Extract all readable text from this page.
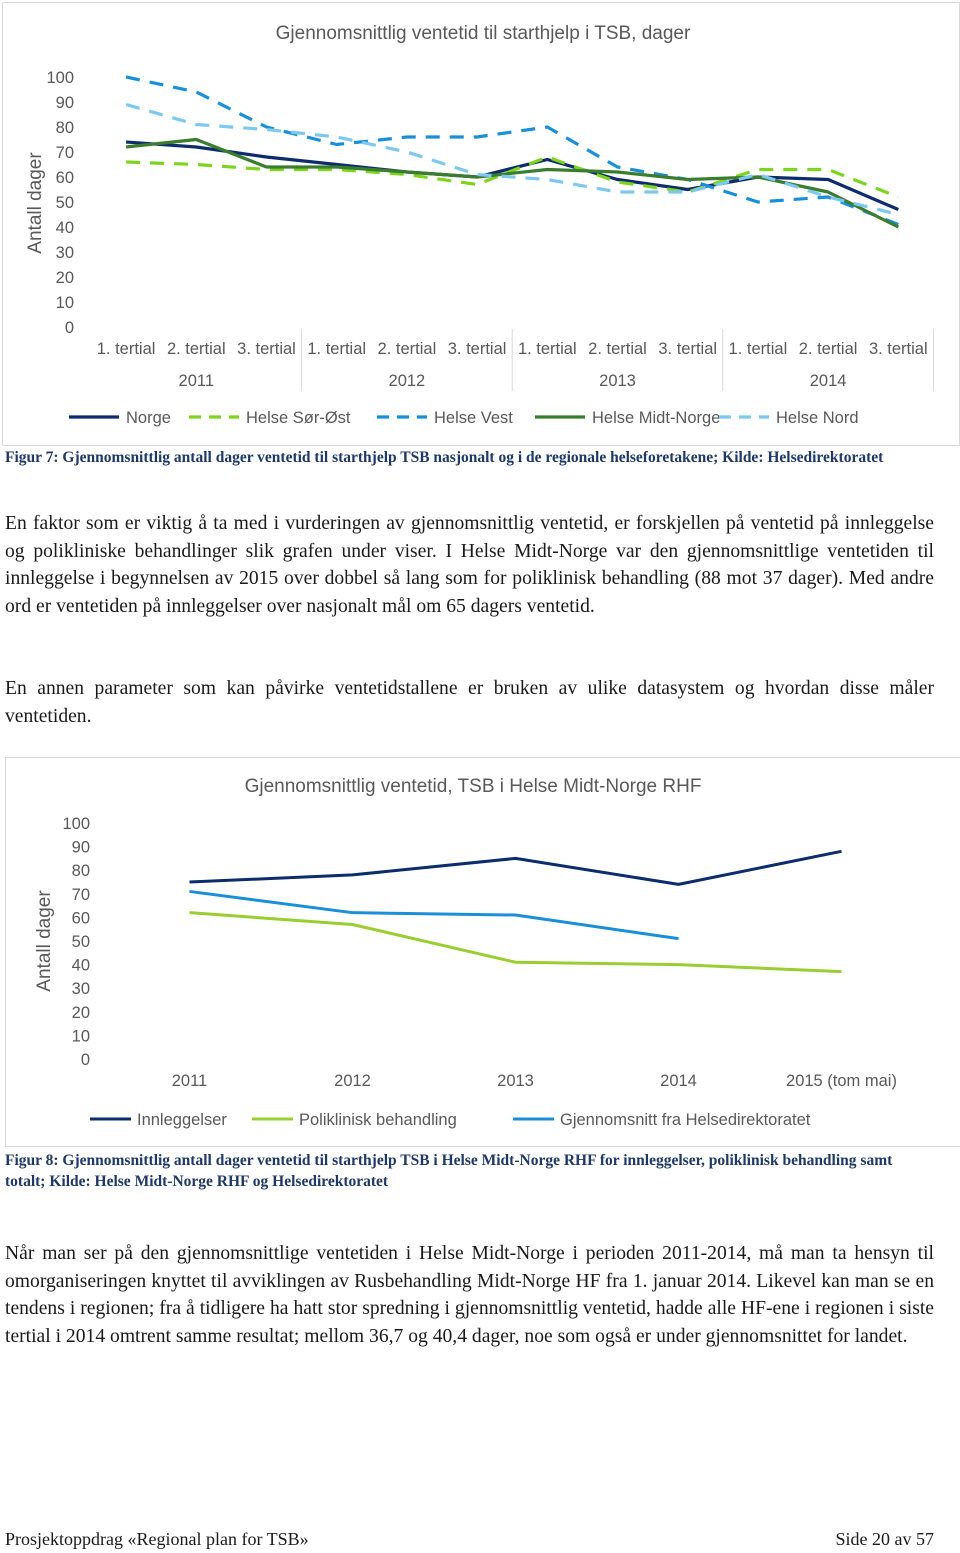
Gjennomsnittlig ventetid til starthjelp i TSB, dager
Antall dager
100
90
80
70
60
50
40
30
20
10
0
1. tertial 2. tertial 3. tertial 1. tertial 2. tertial 3. tertial 1. tertial 2. tertial 3. tertial 1. tertial 2. tertial 3. tertial
2011	2012	2013	2014
Norge	Helse Sør-Øst	Helse Vest	Helse Midt-Norge	Helse Nord
Figur 7: Gjennomsnittlig antall dager ventetid til starthjelp TSB nasjonalt og i de regionale helseforetakene; Kilde: Helsedirektoratet

En faktor som er viktig å ta med i vurderingen av gjennomsnittlig ventetid, er forskjellen på ventetid på innleggelse og polikliniske behandlinger slik grafen under viser. I Helse Midt-Norge var den gjennomsnittlige ventetiden til innleggelse i begynnelsen av 2015 over dobbel så lang som for poliklinisk behandling (88 mot 37 dager). Med andre ord er ventetiden på innleggelser over nasjonalt mål om 65 dagers ventetid.

En annen parameter som kan påvirke ventetidstallene er bruken av ulike datasystem og hvordan disse måler ventetiden.

Gjennomsnittlig ventetid, TSB i Helse Midt-Norge RHF
Antall dager
100
90
80
70
60
50
40
30
20
10
0
2011	2012	2013	2014	2015 (tom mai)
Innleggelser	Poliklinisk behandling	Gjennomsnitt fra Helsedirektoratet
Figur 8: Gjennomsnittlig antall dager ventetid til starthjelp TSB i Helse Midt-Norge RHF for innleggelser, poliklinisk behandling samt totalt; Kilde: Helse Midt-Norge RHF og Helsedirektoratet

Når man ser på den gjennomsnittlige ventetiden i Helse Midt-Norge i perioden 2011-2014, må man ta hensyn til omorganiseringen knyttet til avviklingen av Rusbehandling Midt-Norge HF fra 1. januar 2014. Likevel kan man se en tendens i regionen; fra å tidligere ha hatt stor spredning i gjennomsnittlig ventetid, hadde alle HF-ene i regionen i siste tertial i 2014 omtrent samme resultat; mellom 36,7 og 40,4 dager, noe som også er under gjennomsnittet for landet.

Prosjektoppdrag «Regional plan for TSB»	Side 20 av 57
